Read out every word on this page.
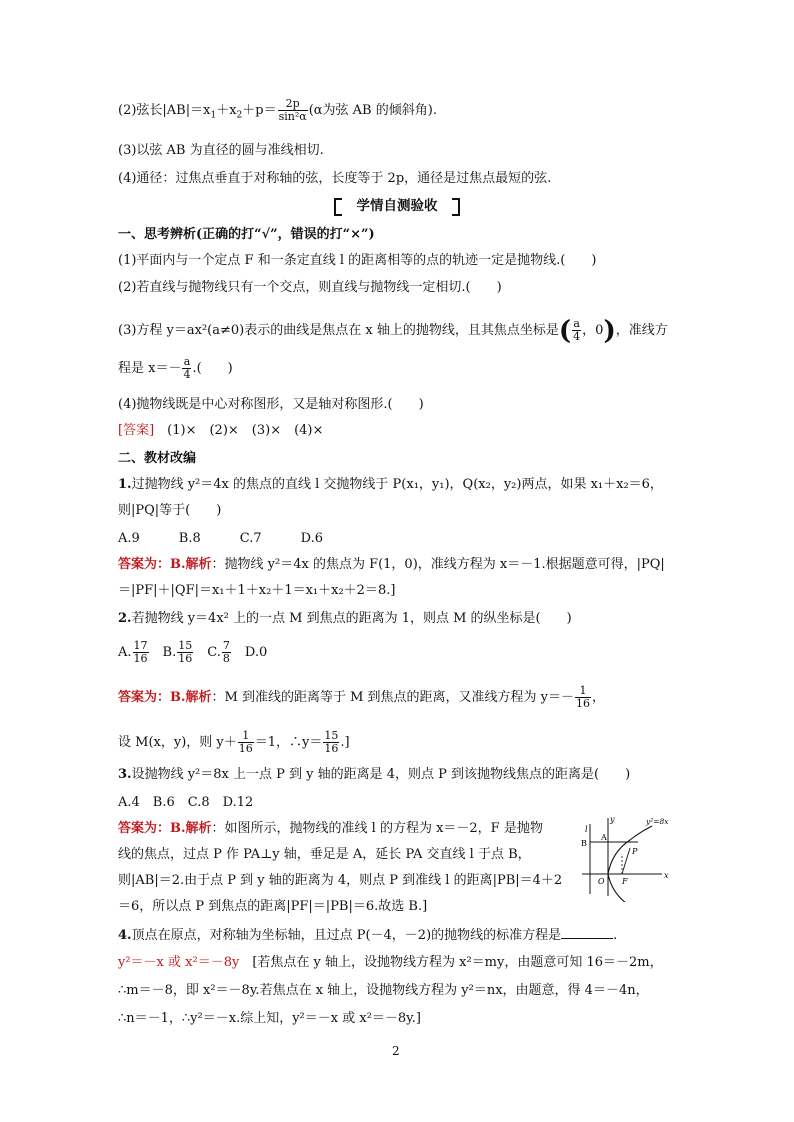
(2)弦长$|AB|=x_1+x_2+p= \frac{2p}{\text{sin²α}} (\alpha$为弦 AB 的倾斜角).
(3)以弦 AB 为直径的圆与准线相切.
(4)通径：过焦点垂直于对称轴的弦，长度等于 2p，通径是过焦点最短的弦.
学情自测验收
一、思考辨析(正确的打“√”，错误的打“×”)
(1)平面内与一个定点 F 和一条定直线 l 的距离相等的点的轨迹一定是抛物线.(　　)
(2)若直线与抛物线只有一个交点，则直线与抛物线一定相切.(　　)
(3)方程 y＝ax²(a≠0)表示的曲线是焦点在 x 轴上的抛物线，且其焦点坐标是( $\frac{a}{4}$ ，0)，准线方
程是 $x=- \frac{a}{4}$ .(　　)
(4)抛物线既是中心对称图形，又是轴对称图形.(　　)
[答案]　 (1)×　(2)×　(3)×　(4)×
二、教材改编
1.过抛物线 y²＝4x 的焦点的直线 l 交抛物线于 P(x₁，y₁)，Q(x₂，y₂)两点，如果 x₁＋x₂＝6，
则|PQ|等于(　　)
A.9　　　B.8　　　C.7　　　D.6
答案为：B.解析：抛物线 y²＝4x 的焦点为 F(1，0)，准线方程为 x＝－1.根据题意可得，|PQ|
＝|PF|＋|QF|＝x₁＋1＋x₂＋1＝x₁＋x₂＋2＝8.]
2.若抛物线 y＝4x² 上的一点 M 到焦点的距离为 1，则点 M 的纵坐标是(　　)
A. $\frac{17}{16}$
　 B. $\frac{15}{16}$
　 C. $\frac{7}{8}$
　 D.0
答案为：B.解析：M 到准线的距离等于 M 到焦点的距离，又准线方程为 $y=- \frac{1}{16}$ ，
设 M(x，y)，则 $y+ \frac{1}{16} =1$，∴y＝ $\frac{15}{16}$ .]
3.设抛物线 y²＝8x 上一点 P 到 y 轴的距离是 4，则点 P 到该抛物线焦点的距离是(　　)
A.4　B.6　C.8　D.12
答案为：B.解析：如图所示，抛物线的准线 l 的方程为 x＝－2，F 是抛物
线的焦点，过点 P 作 PA⊥y 轴，垂足是 A，延长 PA 交直线 l 于点 B，
则|AB|＝2.由于点 P 到 y 轴的距离为 4，则点 P 到准线 l 的距离|PB|＝4＋2
＝6，所以点 P 到焦点的距离|PF|＝|PB|＝6.故选 B.]
l
y
A
B
P
O F
x
y²=8x
4.顶点在原点，对称轴为坐标轴，且过点 P(－4，－2)的抛物线的标准方程是	.
y²＝－x 或 x²＝－8y　[若焦点在 y 轴上，设抛物线方程为 x²＝my，由题意可知 16＝－2m，
∴m＝－8，即 x²＝－8y.若焦点在 x 轴上，设抛物线方程为 y²＝nx，由题意，得 4＝－4n，
∴n＝－1，∴y²＝－x.综上知，y²＝－x 或 x²＝－8y.]
2
